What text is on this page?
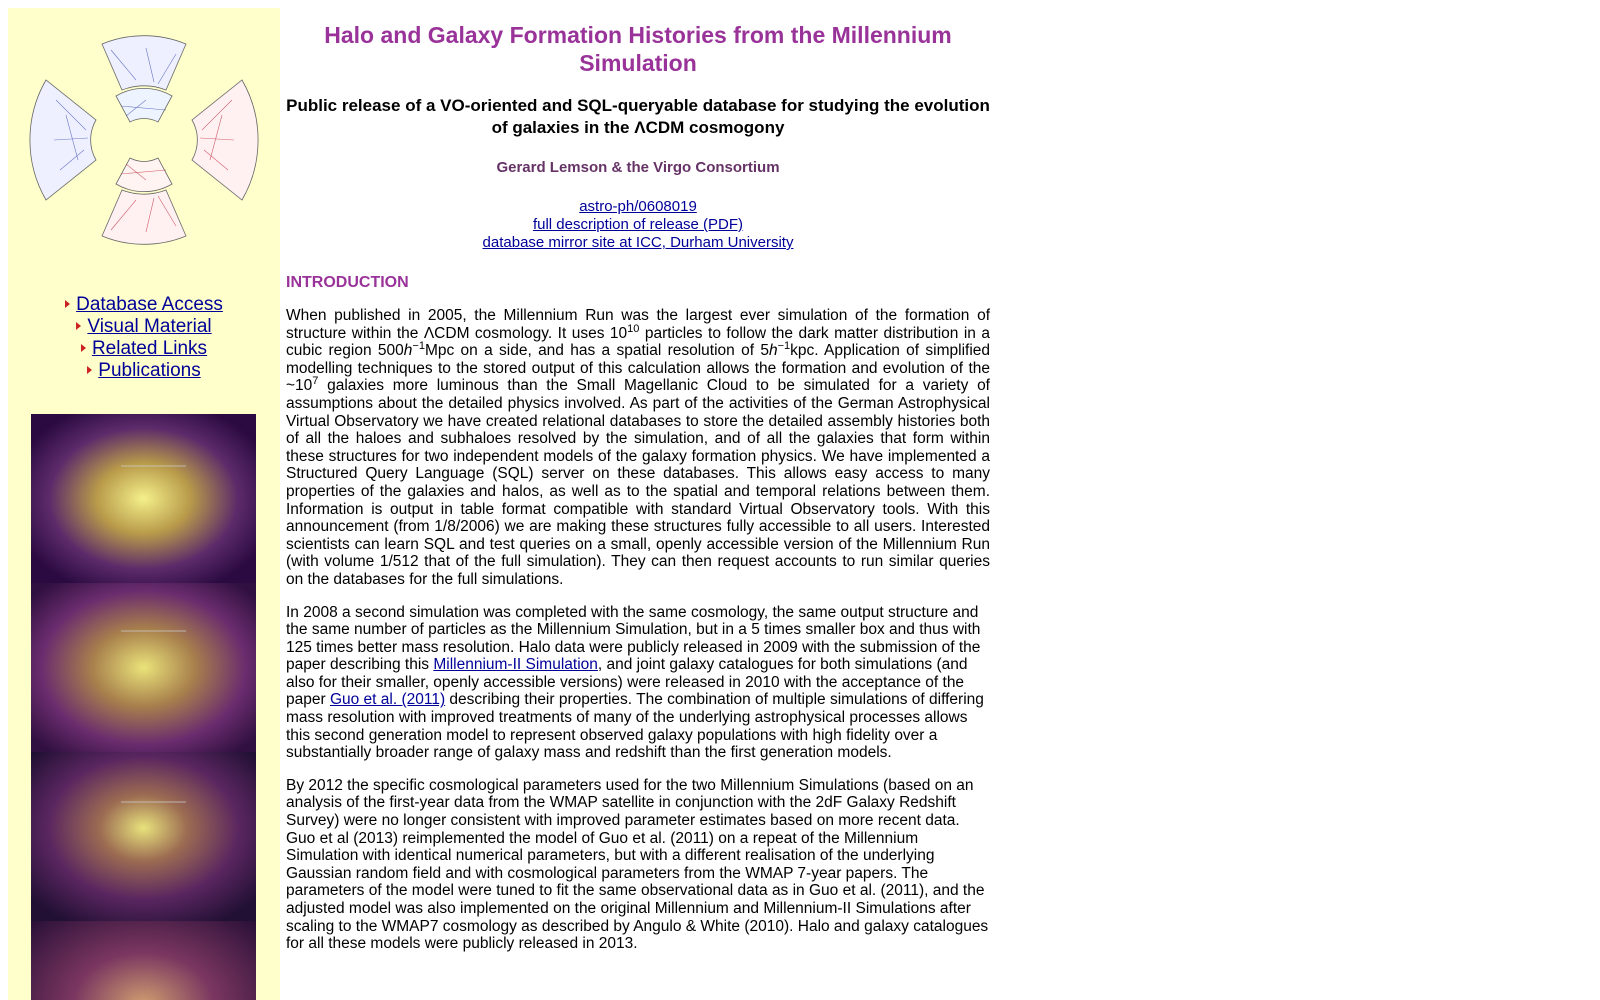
Database Access
Visual Material
Related Links
Publications
Halo and Galaxy Formation Histories from the Millennium Simulation
Public release of a VO-oriented and SQL-queryable database for studying the evolution of galaxies in the ΛCDM cosmogony
Gerard Lemson & the Virgo Consortium
astro-ph/0608019
full description of release (PDF)
database mirror site at ICC, Durham University
INTRODUCTION

When published in 2005, the Millennium Run was the largest ever simulation of the formation of structure within the ΛCDM cosmology. It uses $10^{10}$ particles to follow the dark matter distribution in a cubic region $500h^{-1}Mpc$ on a side, and has a spatial resolution of $5h^{-1}kpc$. Application of simplified modelling techniques to the stored output of this calculation allows the formation and evolution of the $\sim 10^7$ galaxies more luminous than the Small Magellanic Cloud to be simulated for a variety of assumptions about the detailed physics involved. As part of the activities of the German Astrophysical Virtual Observatory we have created relational databases to store the detailed assembly histories both of all the haloes and subhaloes resolved by the simulation, and of all the galaxies that form within these structures for two independent models of the galaxy formation physics. We have implemented a Structured Query Language (SQL) server on these databases. This allows easy access to many properties of the galaxies and halos, as well as to the spatial and temporal relations between them. Information is output in table format compatible with standard Virtual Observatory tools. With this announcement (from 1/8/2006) we are making these structures fully accessible to all users. Interested scientists can learn SQL and test queries on a small, openly accessible version of the Millennium Run (with volume 1/512 that of the full simulation). They can then request accounts to run similar queries on the databases for the full simulations.

In 2008 a second simulation was completed with the same cosmology, the same output structure and the same number of particles as the Millennium Simulation, but in a 5 times smaller box and thus with 125 times better mass resolution. Halo data were publicly released in 2009 with the submission of the paper describing this Millennium-II Simulation, and joint galaxy catalogues for both simulations (and also for their smaller, openly accessible versions) were released in 2010 with the acceptance of the paper Guo et al. (2011) describing their properties. The combination of multiple simulations of differing mass resolution with improved treatments of many of the underlying astrophysical processes allows this second generation model to represent observed galaxy populations with high fidelity over a substantially broader range of galaxy mass and redshift than the first generation models.

By 2012 the specific cosmological parameters used for the two Millennium Simulations (based on an analysis of the first-year data from the WMAP satellite in conjunction with the 2dF Galaxy Redshift Survey) were no longer consistent with improved parameter estimates based on more recent data. Guo et al (2013) reimplemented the model of Guo et al. (2011) on a repeat of the Millennium Simulation with identical numerical parameters, but with a different realisation of the underlying Gaussian random field and with cosmological parameters from the WMAP 7-year papers. The parameters of the model were tuned to fit the same observational data as in Guo et al. (2011), and the adjusted model was also implemented on the original Millennium and Millennium-II Simulations after scaling to the WMAP7 cosmology as described by Angulo & White (2010). Halo and galaxy catalogues for all these models were publicly released in 2013.
